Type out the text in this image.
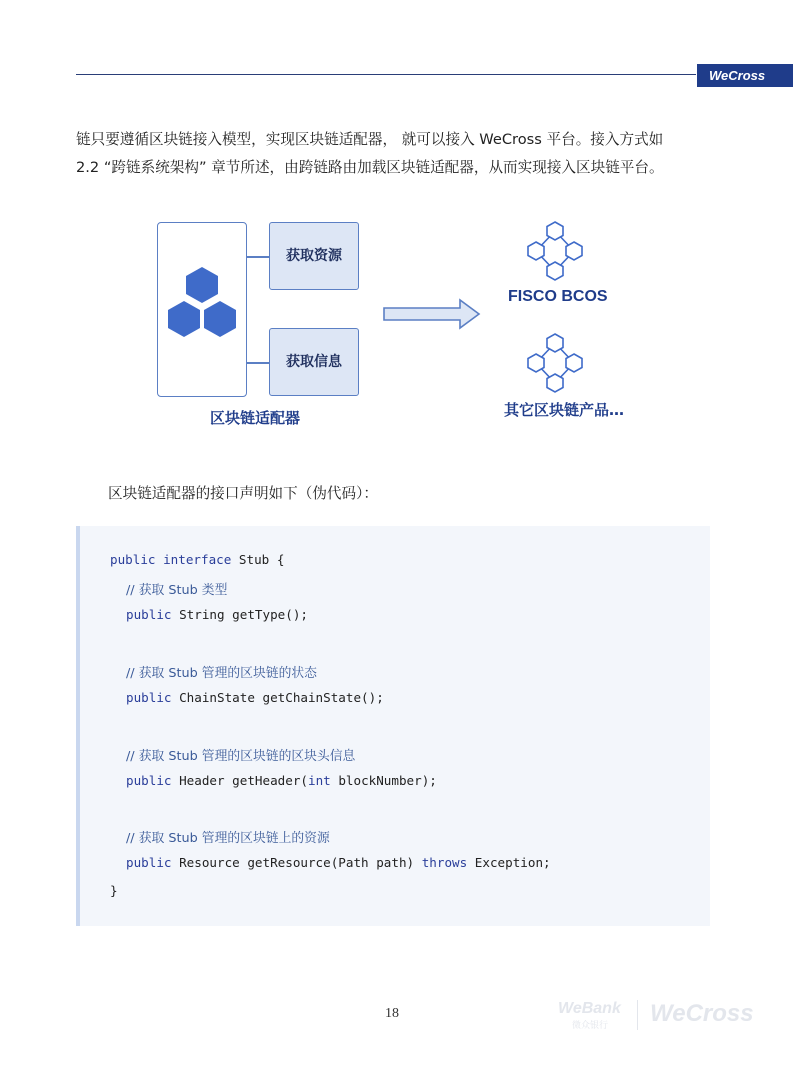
WeCross
链只要遵循区块链接入模型，实现区块链适配器， 就可以接入 WeCross 平台。接入方式如
2.2 “跨链系统架构” 章节所述，由跨链路由加载区块链适配器，从而实现接入区块链平台。
获取资源
获取信息
区块链适配器
FISCO BCOS
其它区块链产品…
区块链适配器的接口声明如下（伪代码）：
public interface Stub {
// 获取 Stub 类型
public String getType();
// 获取 Stub 管理的区块链的状态
public ChainState getChainState();
// 获取 Stub 管理的区块链的区块头信息
public Header getHeader(int blockNumber);
// 获取 Stub 管理的区块链上的资源
public Resource getResource(Path path) throws Exception;
}
18	WeBank
微众银行 WeCross
